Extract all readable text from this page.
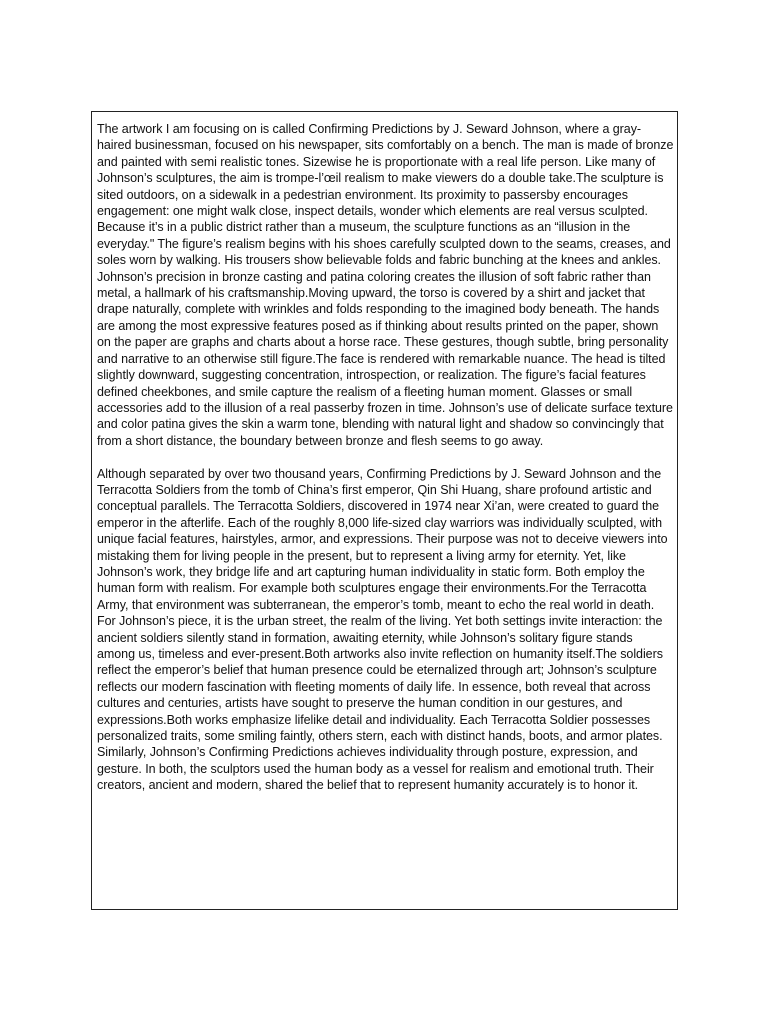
The artwork I am focusing on is called Confirming Predictions by J. Seward Johnson, where a gray-haired businessman, focused on his newspaper, sits comfortably on a bench. The man is made of bronze and painted with semi realistic tones. Sizewise he is proportionate with a real life person. Like many of Johnson’s sculptures, the aim is trompe-l’œil realism to make viewers do a double take.The sculpture is sited outdoors, on a sidewalk in a pedestrian environment. Its proximity to passersby encourages engagement: one might walk close, inspect details, wonder which elements are real versus sculpted. Because it’s in a public district rather than a museum, the sculpture functions as an “illusion in the everyday." The figure’s realism begins with his shoes carefully sculpted down to the seams, creases, and soles worn by walking. His trousers show believable folds and fabric bunching at the knees and ankles. Johnson’s precision in bronze casting and patina coloring creates the illusion of soft fabric rather than metal, a hallmark of his craftsmanship.Moving upward, the torso is covered by a shirt and jacket that drape naturally, complete with wrinkles and folds responding to the imagined body beneath. The hands are among the most expressive features posed as if thinking about results printed on the paper, shown on the paper are graphs and charts about a horse race. These gestures, though subtle, bring personality and narrative to an otherwise still figure.The face is rendered with remarkable nuance. The head is tilted slightly downward, suggesting concentration, introspection, or realization. The figure’s facial features defined cheekbones, and smile capture the realism of a fleeting human moment. Glasses or small accessories add to the illusion of a real passerby frozen in time. Johnson’s use of delicate surface texture and color patina gives the skin a warm tone, blending with natural light and shadow so convincingly that from a short distance, the boundary between bronze and flesh seems to go away.

Although separated by over two thousand years, Confirming Predictions by J. Seward Johnson and the Terracotta Soldiers from the tomb of China’s first emperor, Qin Shi Huang, share profound artistic and conceptual parallels. The Terracotta Soldiers, discovered in 1974 near Xi’an, were created to guard the emperor in the afterlife. Each of the roughly 8,000 life-sized clay warriors was individually sculpted, with unique facial features, hairstyles, armor, and expressions. Their purpose was not to deceive viewers into mistaking them for living people in the present, but to represent a living army for eternity. Yet, like Johnson’s work, they bridge life and art capturing human individuality in static form. Both employ the human form with realism. For example both sculptures engage their environments.For the Terracotta Army, that environment was subterranean, the emperor’s tomb, meant to echo the real world in death. For Johnson’s piece, it is the urban street, the realm of the living. Yet both settings invite interaction: the ancient soldiers silently stand in formation, awaiting eternity, while Johnson’s solitary figure stands among us, timeless and ever-present.Both artworks also invite reflection on humanity itself.The soldiers reflect the emperor’s belief that human presence could be eternalized through art; Johnson’s sculpture reflects our modern fascination with fleeting moments of daily life. In essence, both reveal that across cultures and centuries, artists have sought to preserve the human condition in our gestures, and expressions.Both works emphasize lifelike detail and individuality. Each Terracotta Soldier possesses personalized traits, some smiling faintly, others stern, each with distinct hands, boots, and armor plates. Similarly, Johnson’s Confirming Predictions achieves individuality through posture, expression, and gesture. In both, the sculptors used the human body as a vessel for realism and emotional truth. Their creators, ancient and modern, shared the belief that to represent humanity accurately is to honor it.
